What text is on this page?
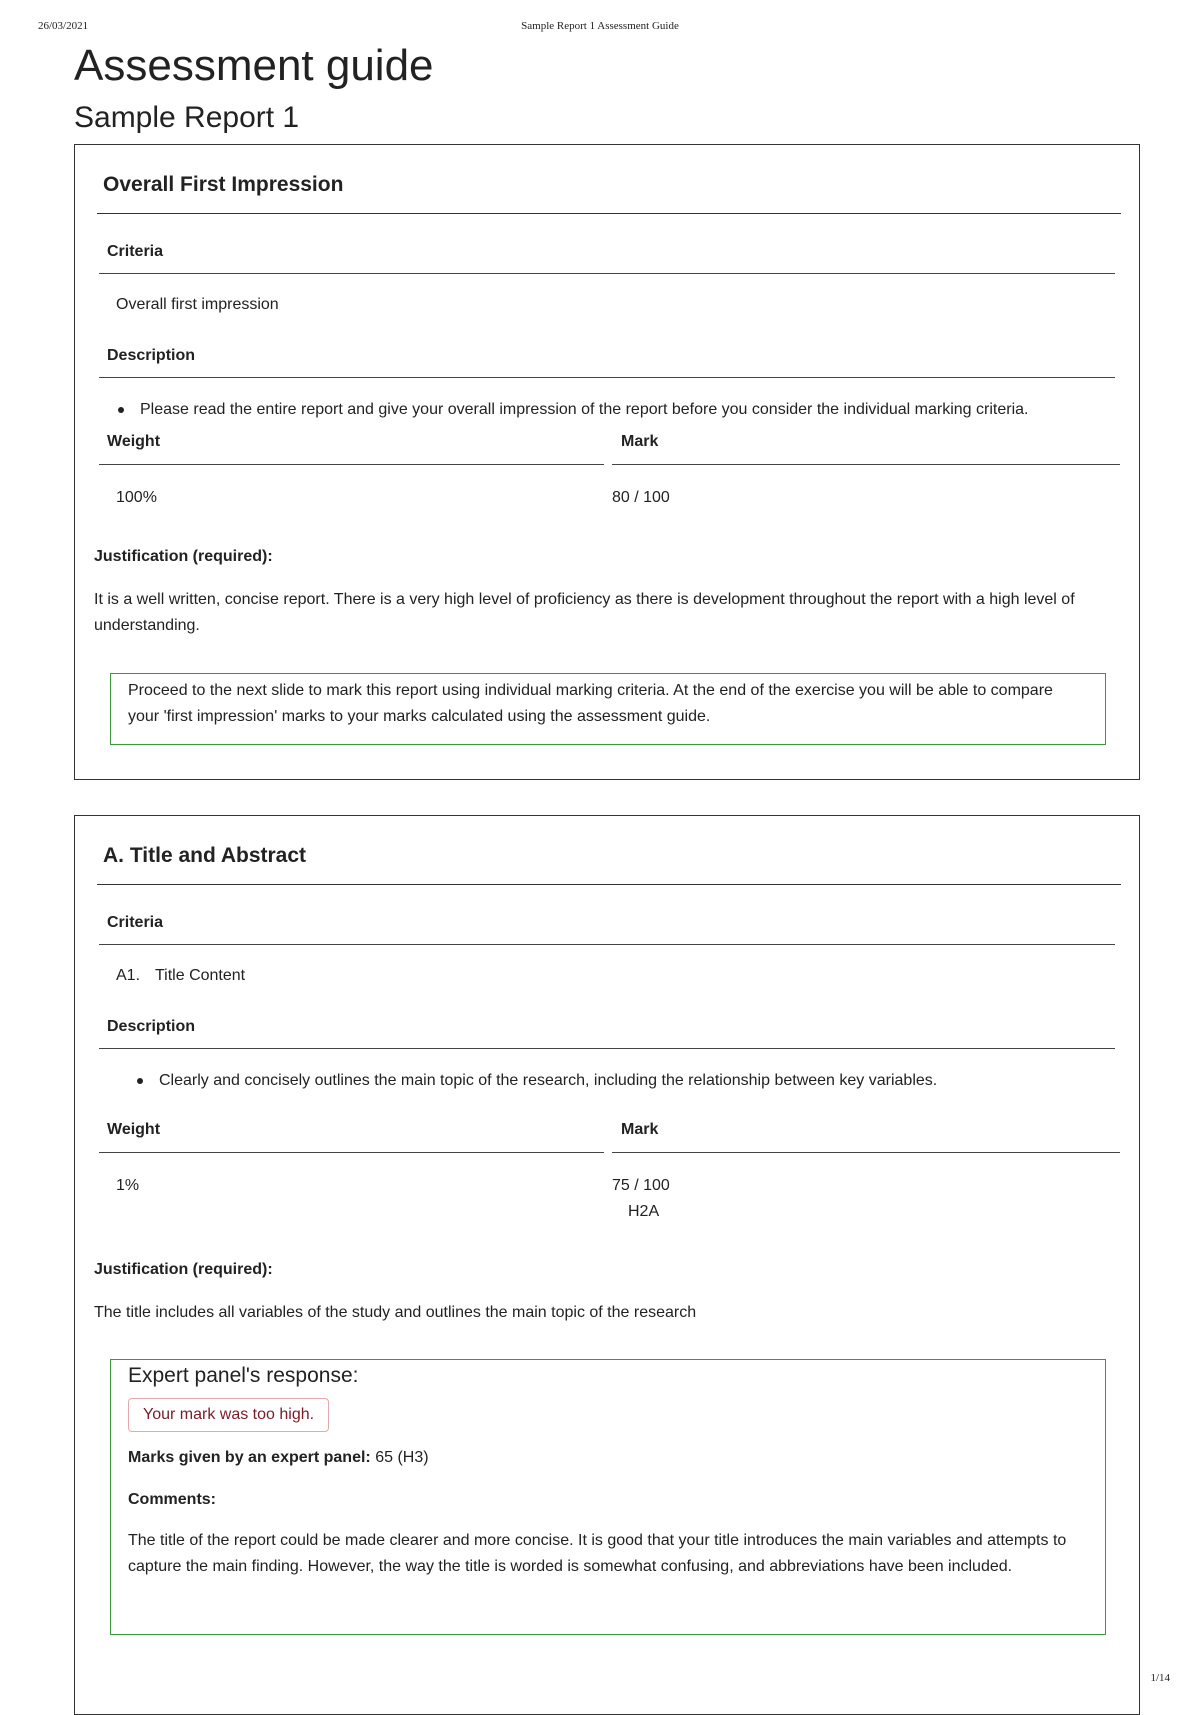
26/03/2021	Sample Report 1 Assessment Guide
Assessment guide
Sample Report 1
Overall First Impression
Criteria
Overall first impression
Description
Please read the entire report and give your overall impression of the report before you consider the individual marking criteria.
Weight	Mark
100%	80 / 100
Justification (required):
It is a well written, concise report. There is a very high level of proficiency as there is development throughout the report with a high level of understanding.
Proceed to the next slide to mark this report using individual marking criteria. At the end of the exercise you will be able to compare your 'first impression' marks to your marks calculated using the assessment guide.
A. Title and Abstract
Criteria
A1. Title Content
Description
Clearly and concisely outlines the main topic of the research, including the relationship between key variables.
Weight	Mark
1%	75 / 100
H2A
Justification (required):
The title includes all variables of the study and outlines the main topic of the research
Expert panel's response:
Your mark was too high.
Marks given by an expert panel: 65 (H3)
Comments:
The title of the report could be made clearer and more concise. It is good that your title introduces the main variables and attempts to capture the main finding. However, the way the title is worded is somewhat confusing, and abbreviations have been included.
1/14
